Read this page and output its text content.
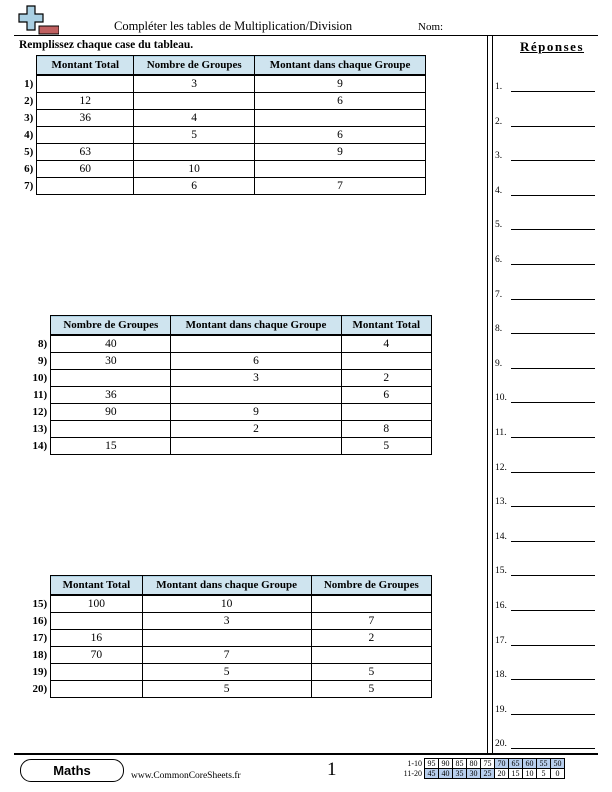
Compléter les tables de Multiplication/Division	Nom:
Remplissez chaque case du tableau.	Réponses
1.
2.
3.
4.
5.
6.
7.
8.
9.
10.
11.
12.
13.
14.
15.
16.
17.
18.
19.
20.
	Montant Total	Nombre de Groupes	Montant dans chaque Groupe
1)		3	9
2)	12		6
3)	36	4	
4)		5	6
5)	63		9
6)	60	10	
7)		6	7
	Nombre de Groupes	Montant dans chaque Groupe	Montant Total
8)	40		4
9)	30	6	
10)		3	2
11)	36		6
12)	90	9	
13)		2	8
14)	15		5
	Montant Total	Montant dans chaque Groupe	Nombre de Groupes
15)	100	10	
16)		3	7
17)	16		2
18)	70	7	
19)		5	5
20)		5	5
Maths	www.CommonCoreSheets.fr	1	1-10	95	90	85	80	75	70	65	60	55	50
11-20	45	40	35	30	25	20	15	10	5	0
